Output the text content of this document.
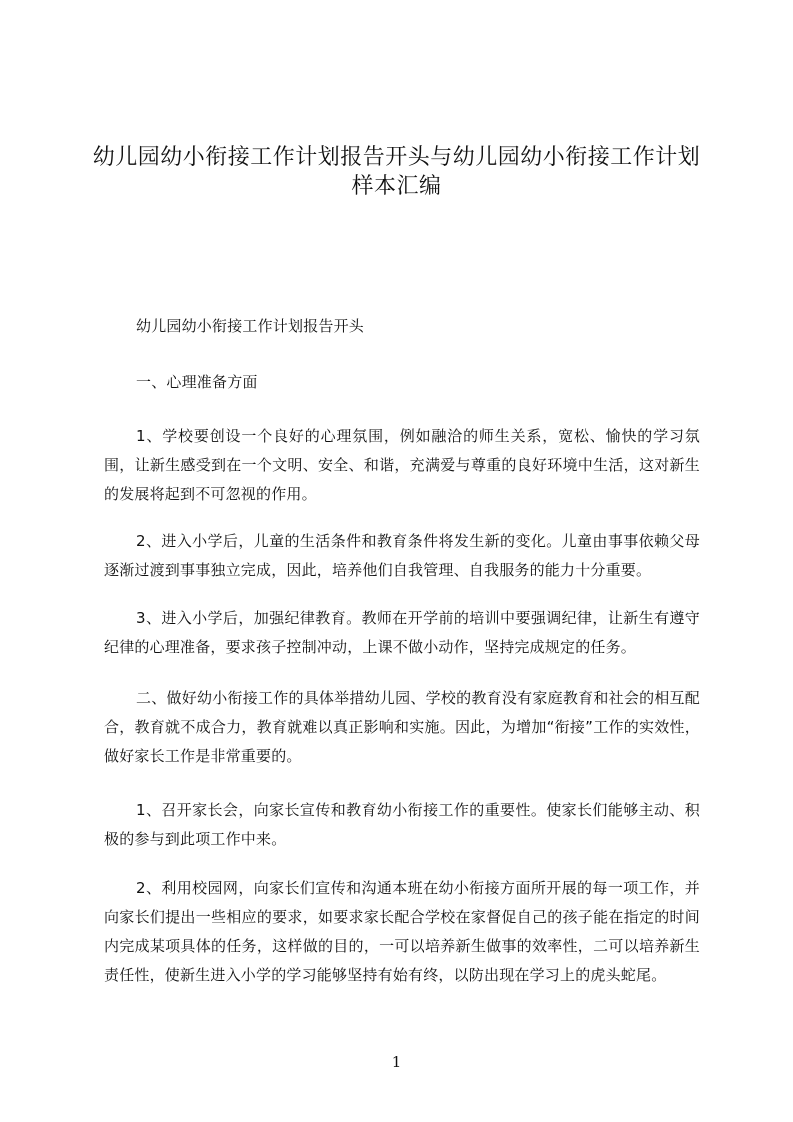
幼儿园幼小衔接工作计划报告开头与幼儿园幼小衔接工作计划样本汇编

幼儿园幼小衔接工作计划报告开头

一、心理准备方面

1、学校要创设一个良好的心理氛围，例如融洽的师生关系，宽松、愉快的学习氛围，让新生感受到在一个文明、安全、和谐，充满爱与尊重的良好环境中生活，这对新生的发展将起到不可忽视的作用。

2、进入小学后，儿童的生活条件和教育条件将发生新的变化。儿童由事事依赖父母逐渐过渡到事事独立完成，因此，培养他们自我管理、自我服务的能力十分重要。

3、进入小学后，加强纪律教育。教师在开学前的培训中要强调纪律，让新生有遵守纪律的心理准备，要求孩子控制冲动，上课不做小动作，坚持完成规定的任务。

二、做好幼小衔接工作的具体举措幼儿园、学校的教育没有家庭教育和社会的相互配合，教育就不成合力，教育就难以真正影响和实施。因此，为增加“衔接”工作的实效性，做好家长工作是非常重要的。

1、召开家长会，向家长宣传和教育幼小衔接工作的重要性。使家长们能够主动、积极的参与到此项工作中来。

2、利用校园网，向家长们宣传和沟通本班在幼小衔接方面所开展的每一项工作，并向家长们提出一些相应的要求，如要求家长配合学校在家督促自己的孩子能在指定的时间内完成某项具体的任务，这样做的目的，一可以培养新生做事的效率性，二可以培养新生责任性，使新生进入小学的学习能够坚持有始有终，以防出现在学习上的虎头蛇尾。

1
